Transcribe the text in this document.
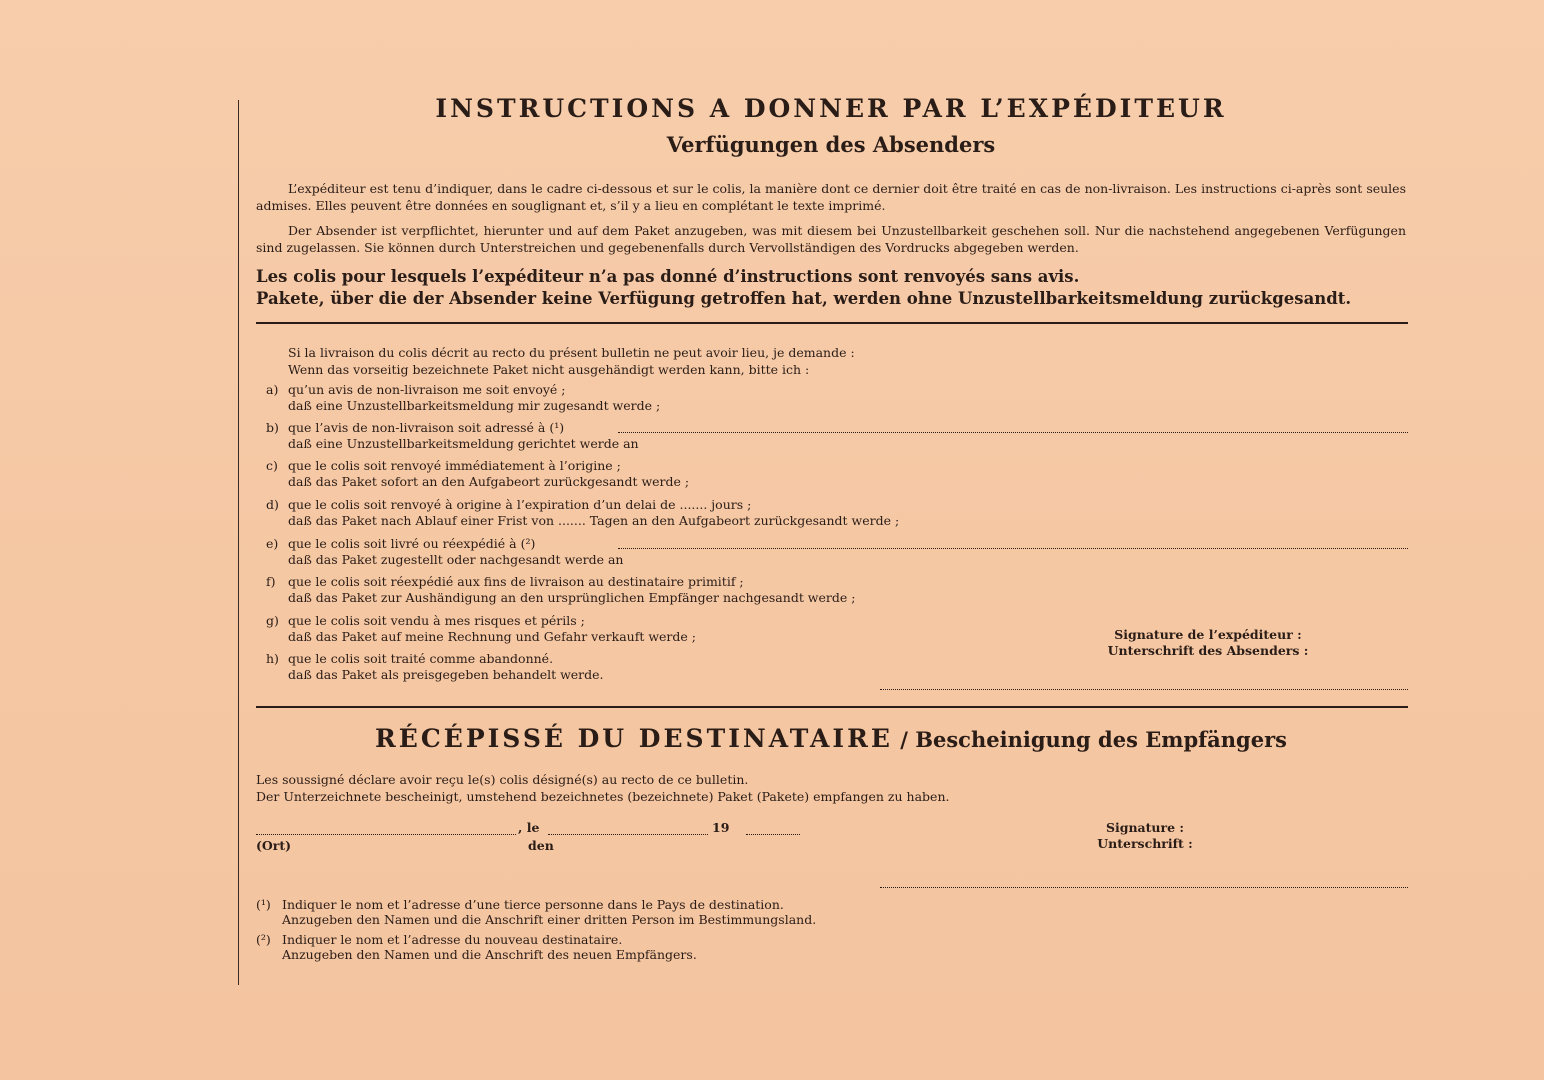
INSTRUCTIONS A DONNER PAR L’EXPÉDITEUR
Verfügungen des Absenders
L’expéditeur est tenu d’indiquer, dans le cadre ci-dessous et sur le colis, la manière dont ce dernier doit être traité en cas de non-livraison. Les instructions ci-après sont seules admises. Elles peuvent être données en souglignant et, s’il y a lieu en complétant le texte imprimé.
Der Absender ist verpflichtet, hierunter und auf dem Paket anzugeben, was mit diesem bei Unzustellbarkeit geschehen soll. Nur die nachstehend angegebenen Verfügungen sind zugelassen. Sie können durch Unterstreichen und gegebenenfalls durch Vervollständigen des Vordrucks abgegeben werden.
Les colis pour lesquels l’expéditeur n’a pas donné d’instructions sont renvoyés sans avis.
Pakete, über die der Absender keine Verfügung getroffen hat, werden ohne Unzustellbarkeitsmeldung zurückgesandt.
Si la livraison du colis décrit au recto du présent bulletin ne peut avoir lieu, je demande :
Wenn das vorseitig bezeichnete Paket nicht ausgehändigt werden kann, bitte ich :
a) qu’un avis de non-livraison me soit envoyé ;
daß eine Unzustellbarkeitsmeldung mir zugesandt werde ;
b) que l’avis de non-livraison soit adressé à (¹)
daß eine Unzustellbarkeitsmeldung gerichtet werde an
c) que le colis soit renvoyé immédiatement à l’origine ;
daß das Paket sofort an den Aufgabeort zurückgesandt werde ;
d) que le colis soit renvoyé à origine à l’expiration d’un delai de ....... jours ;
daß das Paket nach Ablauf einer Frist von ....... Tagen an den Aufgabeort zurückgesandt werde ;
e) que le colis soit livré ou réexpédié à (²)
daß das Paket zugestellt oder nachgesandt werde an
f) que le colis soit réexpédié aux fins de livraison au destinataire primitif ;
daß das Paket zur Aushändigung an den ursprünglichen Empfänger nachgesandt werde ;
g) que le colis soit vendu à mes risques et périls ;
daß das Paket auf meine Rechnung und Gefahr verkauft werde ;
h) que le colis soit traité comme abandonné.
daß das Paket als preisgegeben behandelt werde.
Signature de l’expéditeur :
Unterschrift des Absenders :
RÉCÉPISSÉ DU DESTINATAIRE / Bescheinigung des Empfängers
Les soussigné déclare avoir reçu le(s) colis désigné(s) au recto de ce bulletin.
Der Unterzeichnete bescheinigt, umstehend bezeichnetes (bezeichnete) Paket (Pakete) empfangen zu haben.
, le	19
(Ort)	den
Signature :
Unterschrift :
(¹) Indiquer le nom et l’adresse d’une tierce personne dans le Pays de destination.
Anzugeben den Namen und die Anschrift einer dritten Person im Bestimmungsland.
(²) Indiquer le nom et l’adresse du nouveau destinataire.
Anzugeben den Namen und die Anschrift des neuen Empfängers.
